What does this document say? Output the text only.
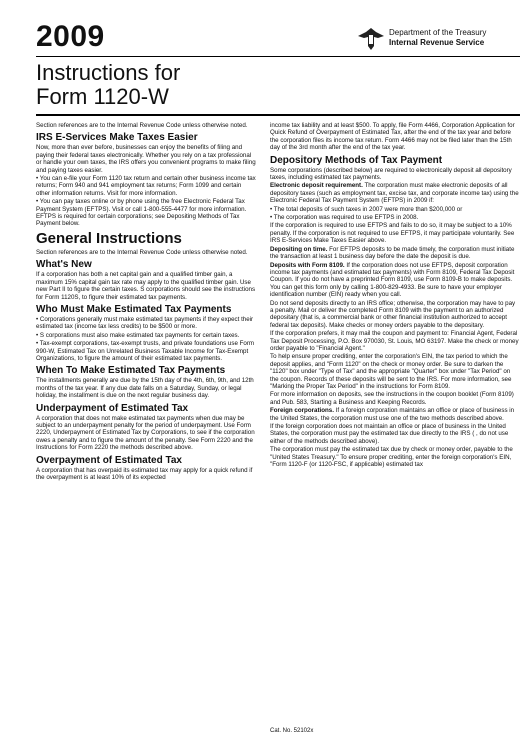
2009	Department of the Treasury
Internal Revenue Service
Instructions for
Form 1120-W

Section references are to the Internal Revenue Code unless otherwise noted.

IRS E-Services Make Taxes Easier

Now, more than ever before, businesses can enjoy the benefits of filing and paying their federal taxes electronically. Whether you rely on a tax professional or handle your own taxes, the IRS offers you convenient programs to make filing and paying taxes easier.

• You can e-file your Form 1120 tax return and certain other business income tax returns; Form 940 and 941 employment tax returns; Form 1099 and certain other information returns. Visit for more information.

• You can pay taxes online or by phone using the free Electronic Federal Tax Payment System (EFTPS). Visit or call 1-800-555-4477 for more information. EFTPS is required for certain corporations; see Depositing Methods of Tax Payment below.

General Instructions

Section references are to the Internal Revenue Code unless otherwise noted.

What's New

If a corporation has both a net capital gain and a qualified timber gain, a maximum 15% capital gain tax rate may apply to the qualified timber gain. Use new Part II to figure the certain taxes. S corporations should see the instructions for Form 1120S, to figure their estimated tax payments.

Who Must Make Estimated Tax Payments

• Corporations generally must make estimated tax payments if they expect their estimated tax (income tax less credits) to be $500 or more.

• S corporations must also make estimated tax payments for certain taxes.

• Tax-exempt corporations, tax-exempt trusts, and private foundations use Form 990-W, Estimated Tax on Unrelated Business Taxable Income for Tax-Exempt Organizations, to figure the amount of their estimated tax payments.

When To Make Estimated Tax Payments

The installments generally are due by the 15th day of the 4th, 6th, 9th, and 12th months of the tax year. If any due date falls on a Saturday, Sunday, or legal holiday, the installment is due on the next regular business day.

Underpayment of Estimated Tax

A corporation that does not make estimated tax payments when due may be subject to an underpayment penalty for the period of underpayment. Use Form 2220, Underpayment of Estimated Tax by Corporations, to see if the corporation owes a penalty and to figure the amount of the penalty. See Form 2220 and the Instructions for Form 2220 the methods described above.

Overpayment of Estimated Tax

A corporation that has overpaid its estimated tax may apply for a quick refund if the overpayment is at least 10% of its expected

income tax liability and at least $500. To apply, file Form 4466, Corporation Application for Quick Refund of Overpayment of Estimated Tax, after the end of the tax year and before the corporation files its income tax return. Form 4466 may not be filed later than the 15th day of the 3rd month after the end of the tax year.

Depository Methods of Tax Payment

Some corporations (described below) are required to electronically deposit all depository taxes, including estimated tax payments.

Electronic deposit requirement. The corporation must make electronic deposits of all depository taxes (such as employment tax, excise tax, and corporate income tax) using the Electronic Federal Tax Payment System (EFTPS) in 2009 if:

• The total deposits of such taxes in 2007 were more than $200,000 or

• The corporation was required to use EFTPS in 2008.

If the corporation is required to use EFTPS and fails to do so, it may be subject to a 10% penalty. If the corporation is not required to use EFTPS, it may participate voluntarily. See IRS E-Services Make Taxes Easier above.

Depositing on time. For EFTPS deposits to be made timely, the corporation must initiate the transaction at least 1 business day before the date the deposit is due.

Deposits with Form 8109. If the corporation does not use EFTPS, deposit corporation income tax payments (and estimated tax payments) with Form 8109, Federal Tax Deposit Coupon. If you do not have a preprinted Form 8109, use Form 8109-B to make deposits. You can get this form only by calling 1-800-829-4933. Be sure to have your employer identification number (EIN) ready when you call.

Do not send deposits directly to an IRS office; otherwise, the corporation may have to pay a penalty. Mail or deliver the completed Form 8109 with the payment to an authorized depositary (that is, a commercial bank or other financial institution authorized to accept federal tax deposits). Make checks or money orders payable to the depositary.

If the corporation prefers, it may mail the coupon and payment to: Financial Agent, Federal Tax Deposit Processing, P.O. Box 970030, St. Louis, MO 63197. Make the check or money order payable to "Financial Agent."

To help ensure proper crediting, enter the corporation's EIN, the tax period to which the deposit applies, and "Form 1120" on the check or money order. Be sure to darken the "1120" box under "Type of Tax" and the appropriate "Quarter" box under "Tax Period" on the coupon. Records of these deposits will be sent to the IRS. For more information, see "Marking the Proper Tax Period" in the instructions for Form 8109.

For more information on deposits, see the instructions in the coupon booklet (Form 8109) and Pub. 583, Starting a Business and Keeping Records.

Foreign corporations. If a foreign corporation maintains an office or place of business in the United States, the corporation must use one of the two methods described above.

If the foreign corporation does not maintain an office or place of business in the United States, the corporation must pay the estimated tax due directly to the IRS ( , do not use either of the methods described above).

The corporation must pay the estimated tax due by check or money order, payable to the "United States Treasury." To ensure proper crediting, enter the foreign corporation's EIN, "Form 1120-F (or 1120-FSC, if applicable) estimated tax

Cat. No. 52102x
